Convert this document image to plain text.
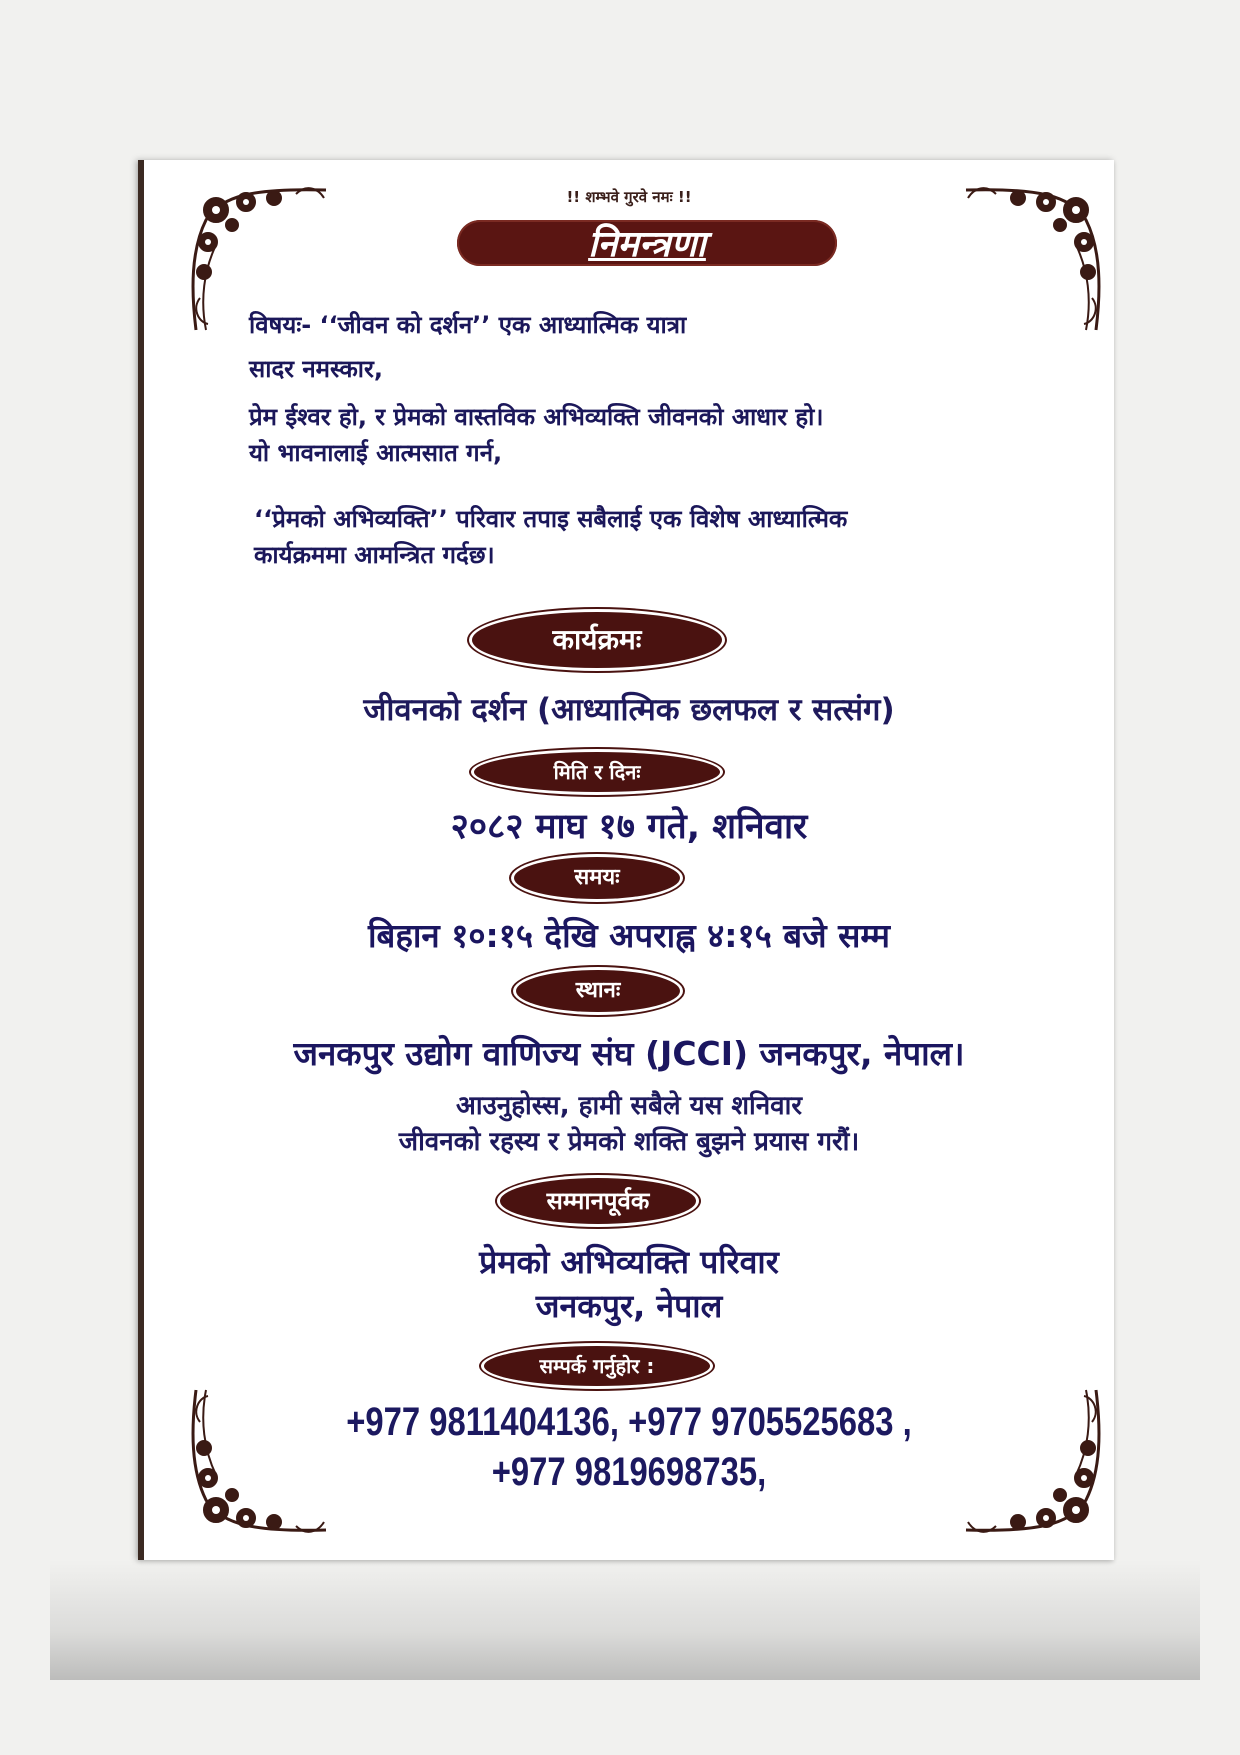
!! शम्भवे गुरवे नमः !!
निमन्त्रणा
विषयः- ‘‘जीवन को दर्शन’’ एक आध्यात्मिक यात्रा
सादर नमस्कार,
प्रेम ईश्वर हो, र प्रेमको वास्तविक अभिव्यक्ति जीवनको आधार हो।
यो भावनालाई आत्मसात गर्न,
‘‘प्रेमको अभिव्यक्ति’’ परिवार तपाइ सबैलाई एक विशेष आध्यात्मिक
कार्यक्रममा आमन्त्रित गर्दछ।
कार्यक्रमः
जीवनको दर्शन (आध्यात्मिक छलफल र सत्संग)
मिति र दिनः
२०८२ माघ १७ गते, शनिवार
समयः
बिहान १०:१५ देखि अपराह्न ४:१५ बजे सम्म
स्थानः
जनकपुर उद्योग वाणिज्य संघ (JCCI) जनकपुर, नेपाल।
आउनुहोस्स, हामी सबैले यस शनिवार
जीवनको रहस्य र प्रेमको शक्ति बुझने प्रयास गरौं।
सम्मानपूर्वक
प्रेमको अभिव्यक्ति परिवार
जनकपुर, नेपाल
सम्पर्क गर्नुहोर :
+977 9811404136, +977 9705525683 ,
+977 9819698735,
